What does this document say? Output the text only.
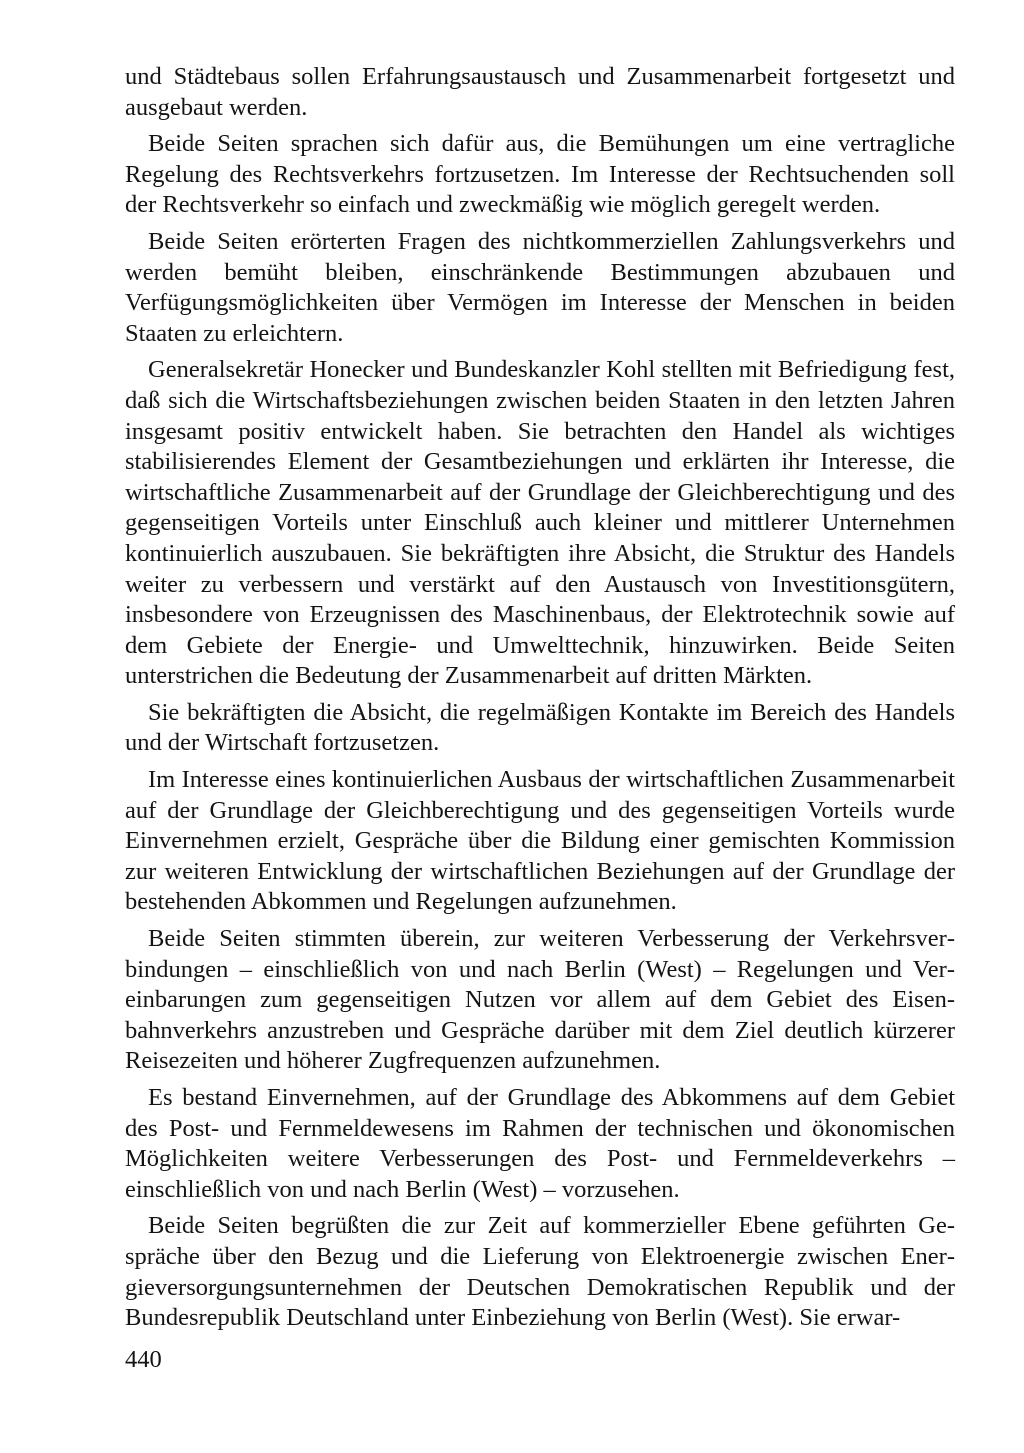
und Städtebaus sollen Erfahrungsaustausch und Zusammenarbeit fortgesetzt und ausgebaut werden.

Beide Seiten sprachen sich dafür aus, die Bemühungen um eine vertragliche Regelung des Rechtsverkehrs fortzusetzen. Im Interesse der Rechtsuchenden soll der Rechtsverkehr so einfach und zweckmäßig wie möglich geregelt werden.

Beide Seiten erörterten Fragen des nichtkommerziellen Zahlungsverkehrs und werden bemüht bleiben, einschränkende Bestimmungen abzubauen und Verfügungsmöglichkeiten über Vermögen im Interesse der Menschen in beiden Staaten zu erleichtern.

Generalsekretär Honecker und Bundeskanzler Kohl stellten mit Befriedigung fest, daß sich die Wirtschaftsbeziehungen zwischen beiden Staaten in den letzten Jahren insgesamt positiv entwickelt haben. Sie betrachten den Handel als wichtiges stabilisierendes Element der Gesamtbeziehungen und erklärten ihr Interesse, die wirtschaftliche Zusammenarbeit auf der Grundlage der Gleichberechtigung und des gegenseitigen Vorteils unter Einschluß auch kleiner und mittlerer Unternehmen kontinuierlich auszubauen. Sie bekräftigten ihre Absicht, die Struktur des Handels weiter zu verbessern und verstärkt auf den Austausch von Investitionsgütern, insbesondere von Erzeugnissen des Maschinenbaus, der Elektrotechnik sowie auf dem Gebiete der Energie- und Umwelttechnik, hinzuwirken. Beide Seiten unterstrichen die Bedeutung der Zusammenarbeit auf dritten Märkten.

Sie bekräftigten die Absicht, die regelmäßigen Kontakte im Bereich des Handels und der Wirtschaft fortzusetzen.

Im Interesse eines kontinuierlichen Ausbaus der wirtschaftlichen Zusammenarbeit auf der Grundlage der Gleichberechtigung und des gegenseitigen Vorteils wurde Einvernehmen erzielt, Gespräche über die Bildung einer gemischten Kommission zur weiteren Entwicklung der wirtschaftlichen Beziehungen auf der Grundlage der bestehenden Abkommen und Regelungen aufzunehmen.

Beide Seiten stimmten überein, zur weiteren Verbesserung der Verkehrsverbindungen – einschließlich von und nach Berlin (West) – Regelungen und Vereinbarungen zum gegenseitigen Nutzen vor allem auf dem Gebiet des Eisenbahnverkehrs anzustreben und Gespräche darüber mit dem Ziel deutlich kürzerer Reisezeiten und höherer Zugfrequenzen aufzunehmen.

Es bestand Einvernehmen, auf der Grundlage des Abkommens auf dem Gebiet des Post- und Fernmeldewesens im Rahmen der technischen und ökonomischen Möglichkeiten weitere Verbesserungen des Post- und Fernmeldeverkehrs – einschließlich von und nach Berlin (West) – vorzusehen.

Beide Seiten begrüßten die zur Zeit auf kommerzieller Ebene geführten Gespräche über den Bezug und die Lieferung von Elektroenergie zwischen Energieversorgungsunternehmen der Deutschen Demokratischen Republik und der Bundesrepublik Deutschland unter Einbeziehung von Berlin (West). Sie erwar-

440
